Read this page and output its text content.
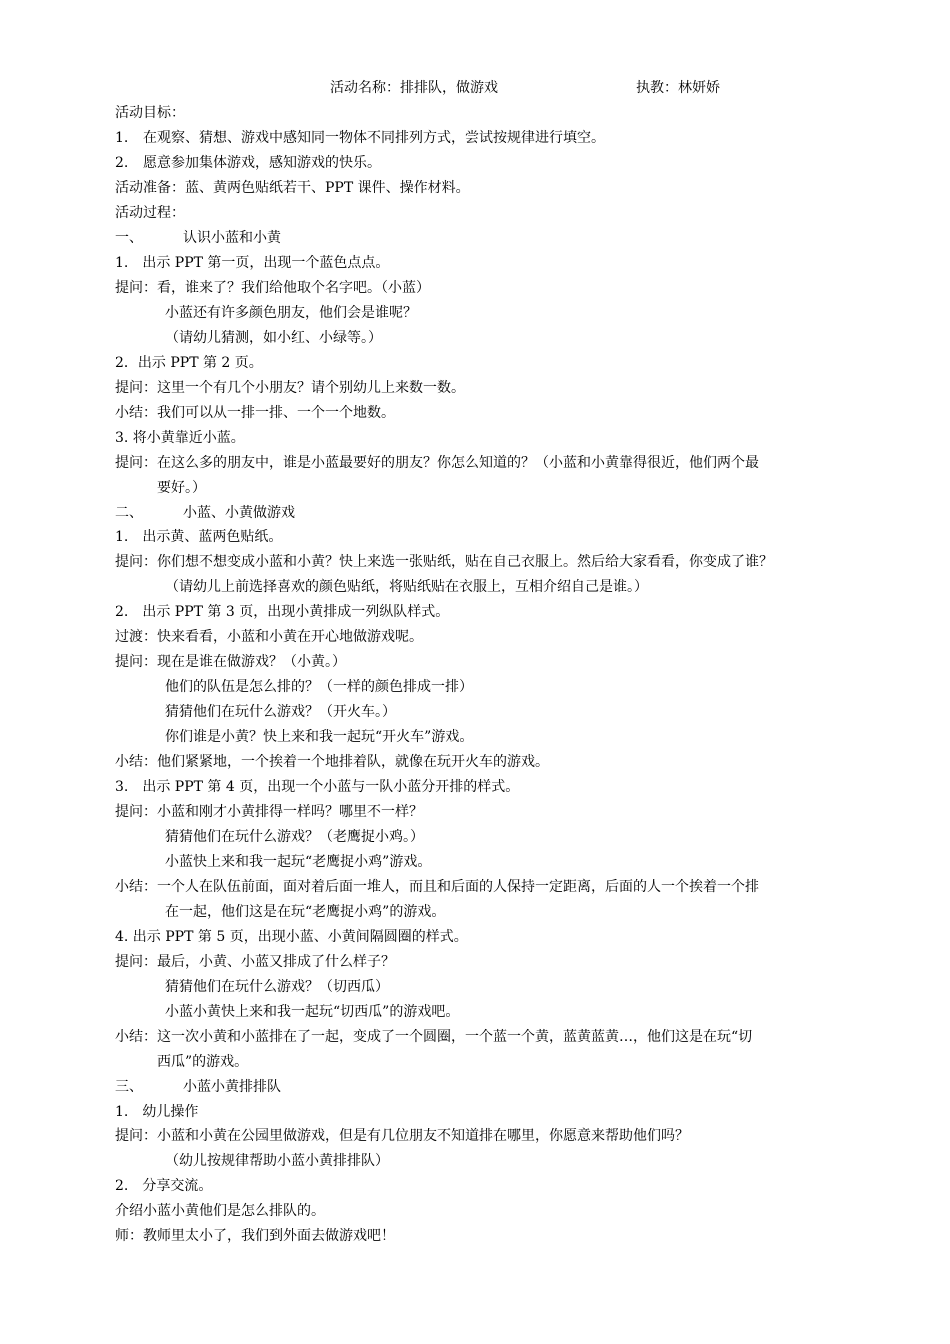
活动名称：排排队，做游戏	执教：林妍娇
活动目标：
1. 在观察、猜想、游戏中感知同一物体不同排列方式，尝试按规律进行填空。
2. 愿意参加集体游戏，感知游戏的快乐。
活动准备：蓝、黄两色贴纸若干、PPT 课件、操作材料。
活动过程：
一、	认识小蓝和小黄
1.　出示 PPT 第一页，出现一个蓝色点点。
提问：看，谁来了？我们给他取个名字吧。（小蓝）
小蓝还有许多颜色朋友，他们会是谁呢？
（请幼儿猜测，如小红、小绿等。）
2．出示 PPT 第 2 页。
提问：这里一个有几个小朋友？请个别幼儿上来数一数。
小结：我们可以从一排一排、一个一个地数。
3. 将小黄靠近小蓝。
提问：在这么多的朋友中，谁是小蓝最要好的朋友？你怎么知道的？（小蓝和小黄靠得很近，他们两个最
要好。）
二、	小蓝、小黄做游戏
1.　出示黄、蓝两色贴纸。
提问：你们想不想变成小蓝和小黄？快上来选一张贴纸，贴在自己衣服上。然后给大家看看，你变成了谁？
（请幼儿上前选择喜欢的颜色贴纸，将贴纸贴在衣服上，互相介绍自己是谁。）
2.　出示 PPT 第 3 页，出现小黄排成一列纵队样式。
过渡：快来看看，小蓝和小黄在开心地做游戏呢。
提问：现在是谁在做游戏？（小黄。）
他们的队伍是怎么排的？（一样的颜色排成一排）
猜猜他们在玩什么游戏？（开火车。）
你们谁是小黄？快上来和我一起玩“开火车”游戏。
小结：他们紧紧地，一个挨着一个地排着队，就像在玩开火车的游戏。
3.　出示 PPT 第 4 页，出现一个小蓝与一队小蓝分开排的样式。
提问：小蓝和刚才小黄排得一样吗？哪里不一样？
猜猜他们在玩什么游戏？（老鹰捉小鸡。）
小蓝快上来和我一起玩“老鹰捉小鸡”游戏。
小结：一个人在队伍前面，面对着后面一堆人，而且和后面的人保持一定距离，后面的人一个挨着一个排
在一起，他们这是在玩“老鹰捉小鸡”的游戏。
4. 出示 PPT 第 5 页，出现小蓝、小黄间隔圆圈的样式。
提问：最后，小黄、小蓝又排成了什么样子？
猜猜他们在玩什么游戏？（切西瓜）
小蓝小黄快上来和我一起玩“切西瓜”的游戏吧。
小结：这一次小黄和小蓝排在了一起，变成了一个圆圈，一个蓝一个黄，蓝黄蓝黄…，他们这是在玩“切
西瓜”的游戏。
三、	小蓝小黄排排队
1.　幼儿操作
提问：小蓝和小黄在公园里做游戏，但是有几位朋友不知道排在哪里，你愿意来帮助他们吗？
（幼儿按规律帮助小蓝小黄排排队）
2.　分享交流。
介绍小蓝小黄他们是怎么排队的。
师：教师里太小了，我们到外面去做游戏吧！
